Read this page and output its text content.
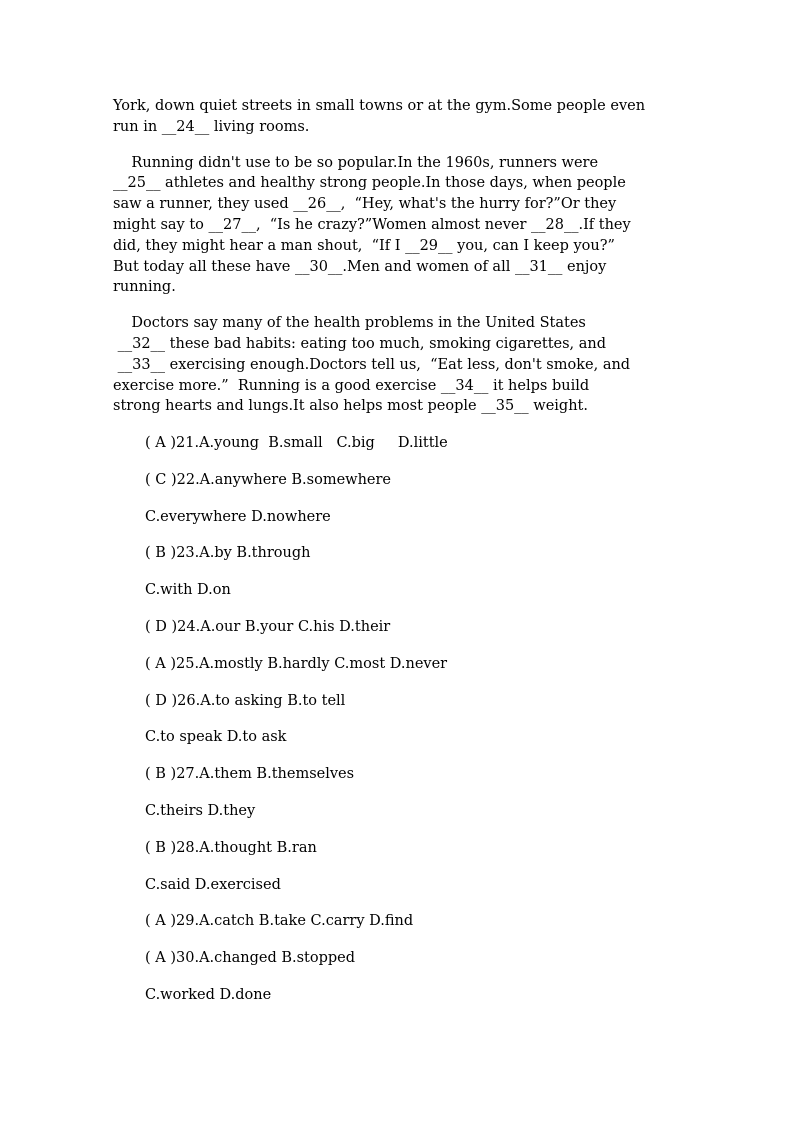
York, down quiet streets in small towns or at the gym.Some people even
run in __24__ living rooms.

Running didn't use to be so popular.In the 1960s, runners were
__25__ athletes and healthy strong people.In those days, when people
saw a runner, they used __26__,  “Hey, what's the hurry for?”Or they
might say to __27__,  “Is he crazy?”Women almost never __28__.If they
did, they might hear a man shout,  “If I __29__ you, can I keep you?”
But today all these have __30__.Men and women of all __31__ enjoy
running.

Doctors say many of the health problems in the United States
__32__ these bad habits: eating too much, smoking cigarettes, and
__33__ exercising enough.Doctors tell us,  “Eat less, don't smoke, and
exercise more.”  Running is a good exercise __34__ it helps build
strong hearts and lungs.It also helps most people __35__ weight.

( A )21.A.young  B.small   C.big     D.little
( C )22.A.anywhere B.somewhere
C.everywhere D.nowhere
( B )23.A.by B.through
C.with D.on
( D )24.A.our B.your C.his D.their
( A )25.A.mostly B.hardly C.most D.never
( D )26.A.to asking B.to tell
C.to speak D.to ask
( B )27.A.them B.themselves
C.theirs D.they
( B )28.A.thought B.ran
C.said D.exercised
( A )29.A.catch B.take C.carry D.find
( A )30.A.changed B.stopped
C.worked D.done
